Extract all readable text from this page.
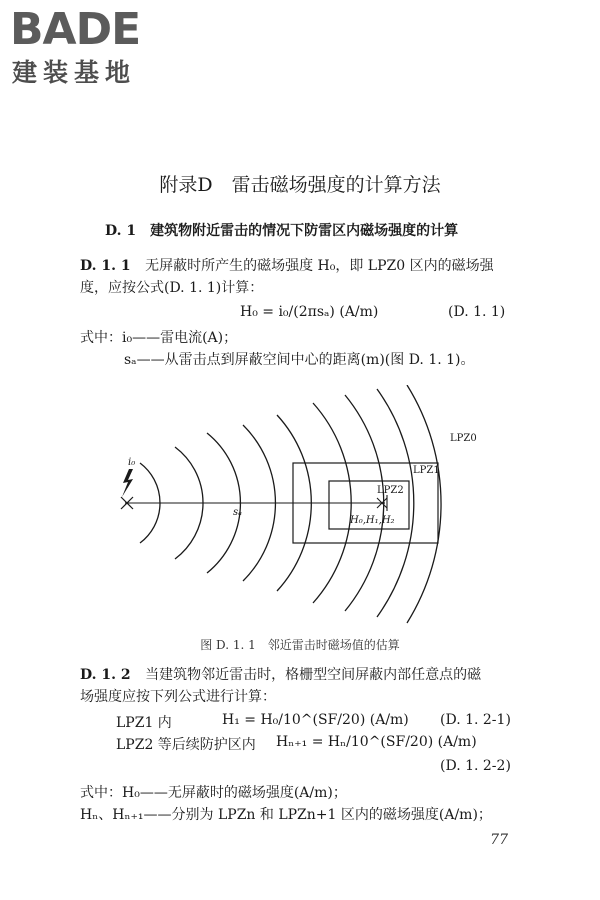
BADE
建装基地
附录D　雷击磁场强度的计算方法
D. 1　建筑物附近雷击的情况下防雷区内磁场强度的计算
D. 1. 1 无屏蔽时所产生的磁场强度 H₀，即 LPZ0 区内的磁场强
度，应按公式(D. 1. 1)计算：
H₀ = i₀/(2πsₐ) (A/m)	(D. 1. 1)
式中：i₀——雷电流(A)；
sₐ——从雷击点到屏蔽空间中心的距离(m)(图 D. 1. 1)。
i₀
sₐ
LPZ0
LPZ1
LPZ2
H₀,H₁,H₂
图 D. 1. 1　邻近雷击时磁场值的估算
D. 1. 2 当建筑物邻近雷击时，格栅型空间屏蔽内部任意点的磁
场强度应按下列公式进行计算：
LPZ1 内	H₁ = H₀/10^(SF/20) (A/m) (D. 1. 2-1)
LPZ2 等后续防护区内 Hₙ₊₁ = Hₙ/10^(SF/20) (A/m)
(D. 1. 2-2)
式中：H₀——无屏蔽时的磁场强度(A/m)；
Hₙ、Hₙ₊₁——分别为 LPZn 和 LPZn+1 区内的磁场强度(A/m)；
77
